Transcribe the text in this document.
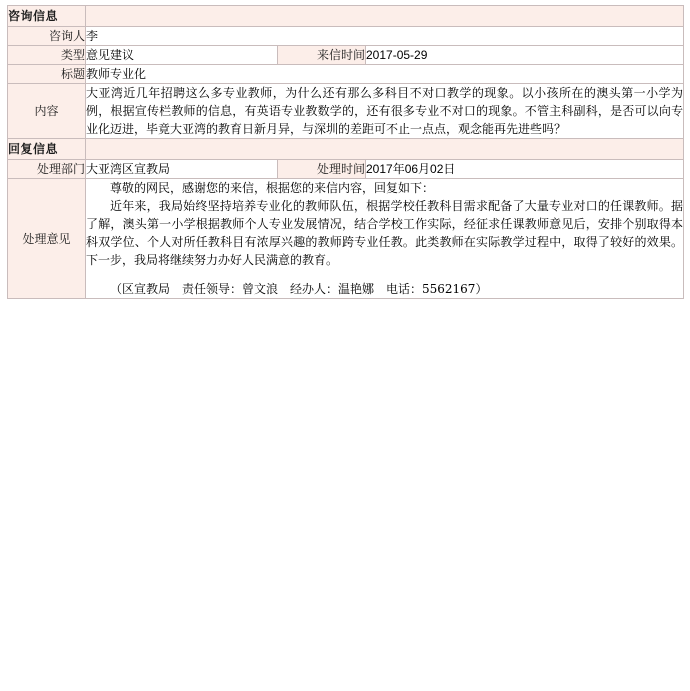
咨询信息			
咨询人	李		
类型	意见建议	来信时间	2017-05-29
标题	教师专业化		
内容	大亚湾近几年招聘这么多专业教师，为什么还有那么多科目不对口教学的现象。以小孩所在的澳头第一小学为例，根据宣传栏教师的信息，有英语专业教数学的，还有很多专业不对口的现象。不管主科副科，是否可以向专业化迈进，毕竟大亚湾的教育日新月异，与深圳的差距可不止一点点，观念能再先进些吗？		
回复信息			
处理部门	大亚湾区宣教局	处理时间	2017年06月02日
处理意见	尊敬的网民，感谢您的来信，根据您的来信内容，回复如下：

近年来，我局始终坚持培养专业化的教师队伍，根据学校任教科目需求配备了大量专业对口的任课教师。据了解，澳头第一小学根据教师个人专业发展情况，结合学校工作实际，经征求任课教师意见后，安排个别取得本科双学位、个人对所任教科目有浓厚兴趣的教师跨专业任教。此类教师在实际教学过程中，取得了较好的效果。下一步，我局将继续努力办好人民满意的教育。

（区宣教局　责任领导：曾文浪　经办人：温艳娜　电话：5562167）		
